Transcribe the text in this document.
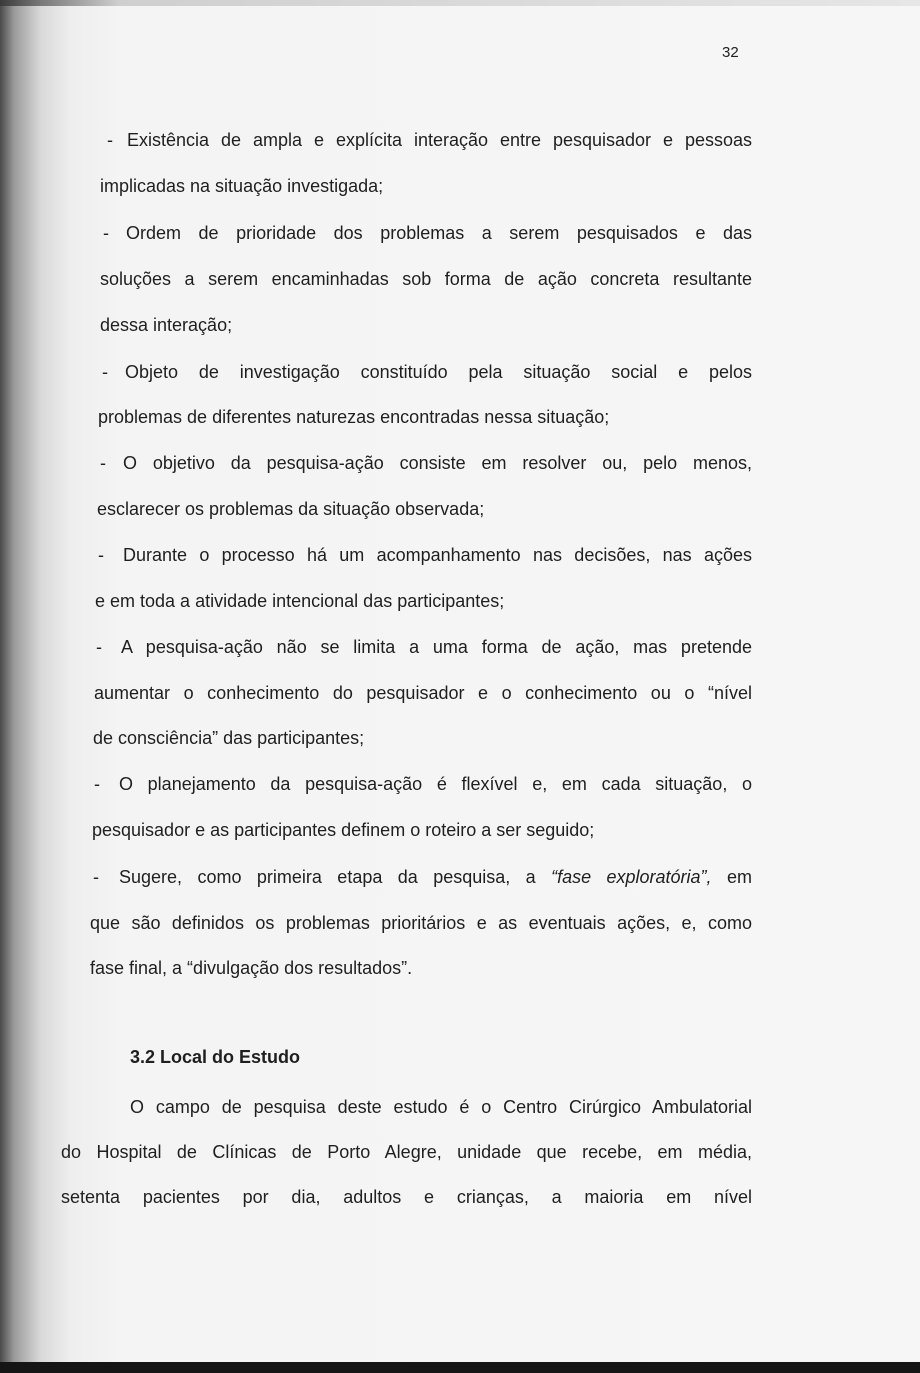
32
- Existência de ampla e explícita interação entre pesquisador e pessoas
implicadas na situação investigada;
- Ordem de prioridade dos problemas a serem pesquisados e das
soluções a serem encaminhadas sob forma de ação concreta resultante
dessa interação;
- Objeto de investigação constituído pela situação social e pelos
problemas de diferentes naturezas encontradas nessa situação;
- O objetivo da pesquisa-ação consiste em resolver ou, pelo menos,
esclarecer os problemas da situação observada;
- Durante o processo há um acompanhamento nas decisões, nas ações
e em toda a atividade intencional das participantes;
- A pesquisa-ação não se limita a uma forma de ação, mas pretende
aumentar o conhecimento do pesquisador e o conhecimento ou o “nível
de consciência” das participantes;
- O planejamento da pesquisa-ação é flexível e, em cada situação, o
pesquisador e as participantes definem o roteiro a ser seguido;
- Sugere, como primeira etapa da pesquisa, a “fase exploratória”, em
que são definidos os problemas prioritários e as eventuais ações, e, como
fase final, a “divulgação dos resultados”.
3.2 Local do Estudo
O campo de pesquisa deste estudo é o Centro Cirúrgico Ambulatorial
do Hospital de Clínicas de Porto Alegre, unidade que recebe, em média,
setenta pacientes por dia, adultos e crianças, a maioria em nível
